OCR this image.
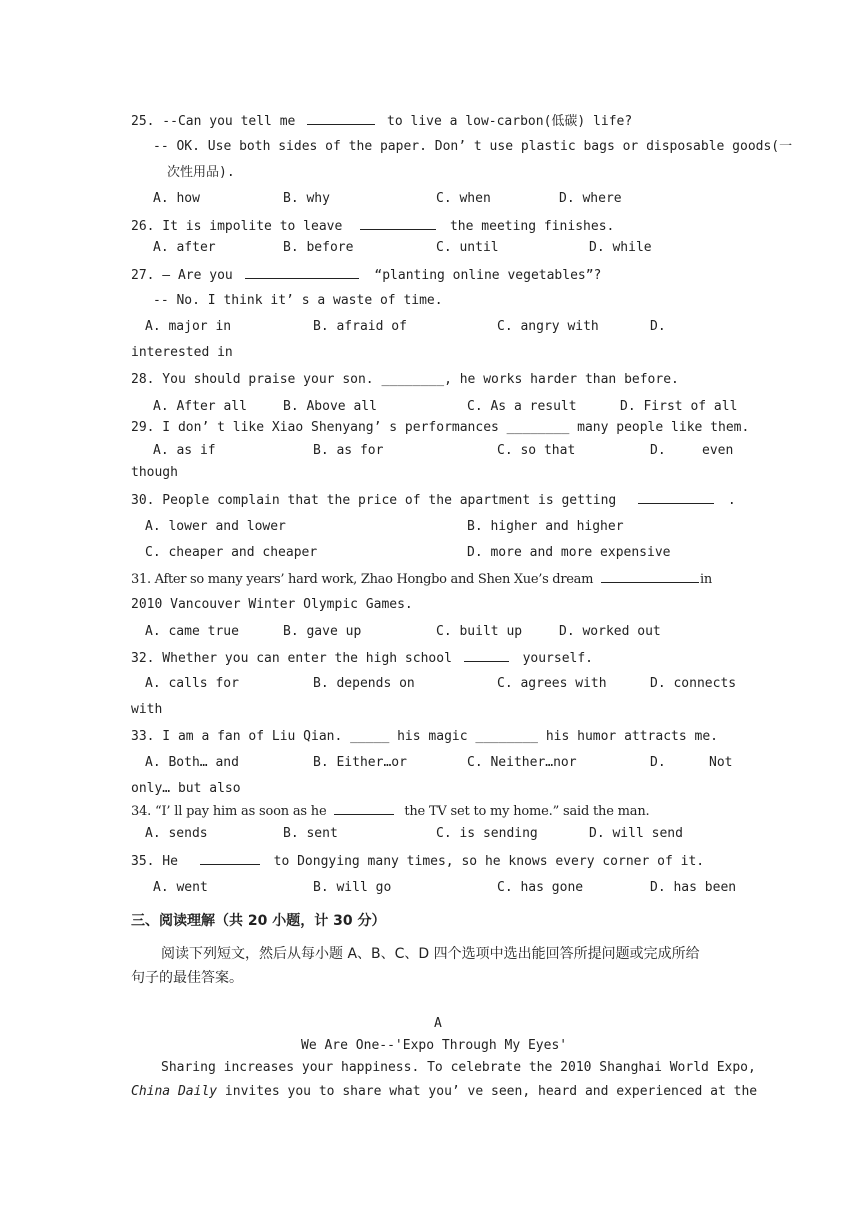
25. --Can you tell me	to live a low-carbon(低碳) life?
-- OK. Use both sides of the paper. Don’ t use plastic bags or disposable goods(一
次性用品).
A. how	B. why	C. when	D. where
26. It is impolite to leave	the meeting finishes.
A. after	B. before	C. until	D. while
27. – Are you	“planting online vegetables”?
-- No. I think it’ s a waste of time.
A. major in	B. afraid of	C. angry with	D.
interested in
28. You should praise your son. ________, he works harder than before.
A. After all	B. Above all	C. As a result	D. First of all
29. I don’ t like Xiao Shenyang’ s performances ________ many people like them.
A. as if	B. as for	C. so that	D.	even
though
30. People complain that the price of the apartment is getting	.
A. lower and lower	B. higher and higher
C. cheaper and cheaper	D. more and more expensive
31. After so many years’ hard work, Zhao Hongbo and Shen Xue’s dream	in
2010 Vancouver Winter Olympic Games.
A. came true	B. gave up	C. built up	D. worked out
32. Whether you can enter the high school	yourself.
A. calls for	B. depends on	C. agrees with	D. connects
with
33. I am a fan of Liu Qian. _____ his magic ________ his humor attracts me.
A. Both… and	B. Either…or	C. Neither…nor	D.	Not
only… but also
34. “I’ ll pay him as soon as he	the TV set to my home.” said the man.
A. sends	B. sent	C. is sending	D. will send
35. He	to Dongying many times, so he knows every corner of it.
A. went	B. will go	C. has gone	D. has been
三、阅读理解（共 20 小题，计 30 分）
阅读下列短文，然后从每小题 A、B、C、D 四个选项中选出能回答所提问题或完成所给
句子的最佳答案。
A
We Are One--'Expo Through My Eyes'
Sharing increases your happiness. To celebrate the 2010 Shanghai World Expo,
China Daily invites you to share what you’ ve seen, heard and experienced at the
